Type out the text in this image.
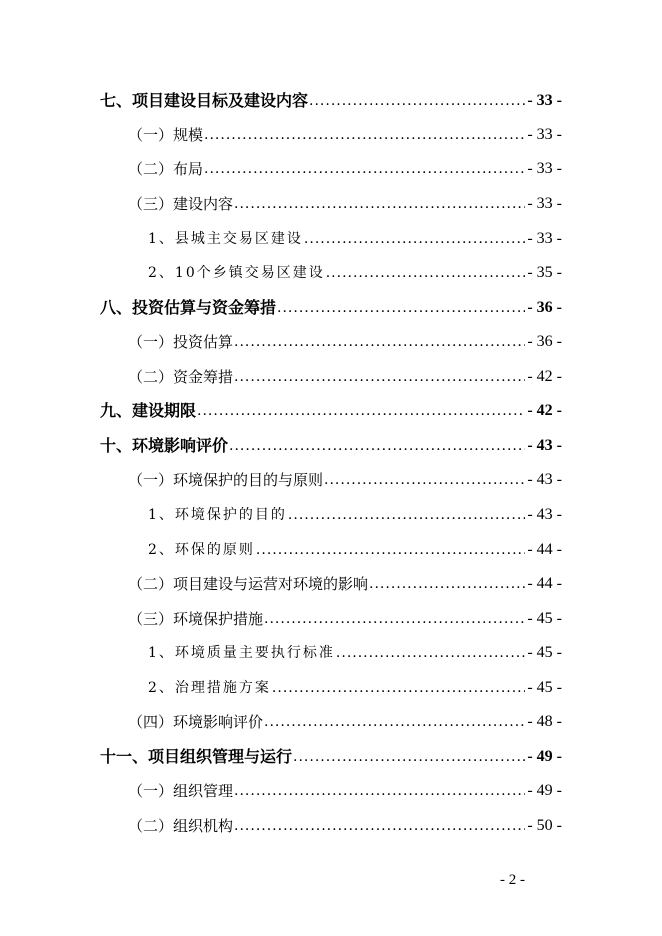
七、项目建设目标及建设内容 .....	- 33 -
（一）规模 .....	- 33 -
（二）布局 .....	- 33 -
（三）建设内容 .....	- 33 -
1、县城主交易区建设 .....	- 33 -
2、10个乡镇交易区建设 .....	- 35 -
八、投资估算与资金筹措 .....	- 36 -
（一）投资估算 .....	- 36 -
（二）资金筹措 .....	- 42 -
九、建设期限 .....	- 42 -
十、环境影响评价 .....	- 43 -
（一）环境保护的目的与原则 .....	- 43 -
1、环境保护的目的 .....	- 43 -
2、环保的原则 .....	- 44 -
（二）项目建设与运营对环境的影响 .....	- 44 -
（三）环境保护措施 .....	- 45 -
1、环境质量主要执行标准 .....	- 45 -
2、治理措施方案 .....	- 45 -
（四）环境影响评价 .....	- 48 -
十一、项目组织管理与运行 .....	- 49 -
（一）组织管理 .....	- 49 -
（二）组织机构 .....	- 50 -
- 2 -
